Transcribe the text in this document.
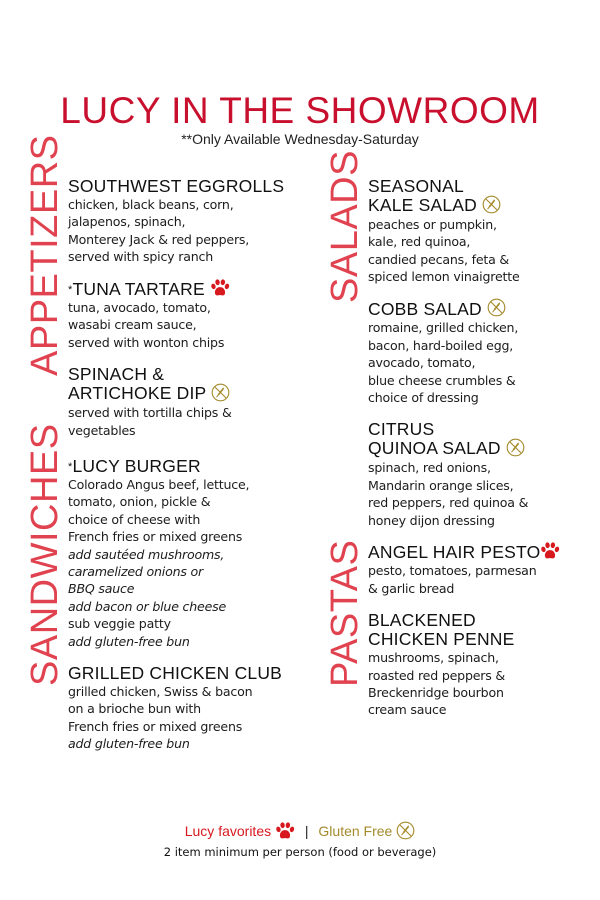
LUCY IN THE SHOWROOM
**Only Available Wednesday-Saturday
APPETIZERS
SANDWICHES
SALADS
PASTAS
SOUTHWEST EGGROLLS
chicken, black beans, corn,
jalapenos, spinach,
Monterey Jack & red peppers,
served with spicy ranch
*TUNA TARTARE
tuna, avocado, tomato,
wasabi cream sauce,
served with wonton chips
SPINACH &
ARTICHOKE DIP
served with tortilla chips &
vegetables
*LUCY BURGER
Colorado Angus beef, lettuce,
tomato, onion, pickle &
choice of cheese with
French fries or mixed greens
add sautéed mushrooms,
caramelized onions or
BBQ sauce
add bacon or blue cheese
sub veggie patty
add gluten-free bun
GRILLED CHICKEN CLUB
grilled chicken, Swiss & bacon
on a brioche bun with
French fries or mixed greens
add gluten-free bun
SEASONAL
KALE SALAD
peaches or pumpkin,
kale, red quinoa,
candied pecans, feta &
spiced lemon vinaigrette
COBB SALAD
romaine, grilled chicken,
bacon, hard-boiled egg,
avocado, tomato,
blue cheese crumbles &
choice of dressing
CITRUS
QUINOA SALAD
spinach, red onions,
Mandarin orange slices,
red peppers, red quinoa &
honey dijon dressing
ANGEL HAIR PESTO
pesto, tomatoes, parmesan
& garlic bread
BLACKENED
CHICKEN PENNE
mushrooms, spinach,
roasted red peppers &
Breckenridge bourbon
cream sauce
Lucy favorites | Gluten Free
2 item minimum per person (food or beverage)
